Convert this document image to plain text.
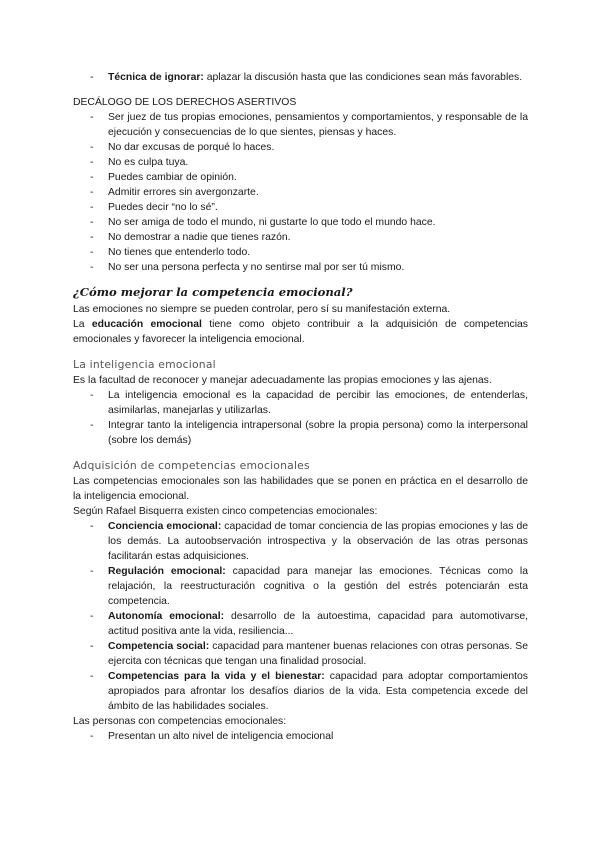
- Técnica de ignorar: aplazar la discusión hasta que las condiciones sean más favorables.

DECÁLOGO DE LOS DERECHOS ASERTIVOS

- Ser juez de tus propias emociones, pensamientos y comportamientos, y responsable de la ejecución y consecuencias de lo que sientes, piensas y haces.
- No dar excusas de porqué lo haces.
- No es culpa tuya.
- Puedes cambiar de opinión.
- Admitir errores sin avergonzarte.
- Puedes decir “no lo sé”.
- No ser amiga de todo el mundo, ni gustarte lo que todo el mundo hace.
- No demostrar a nadie que tienes razón.
- No tienes que entenderlo todo.
- No ser una persona perfecta y no sentirse mal por ser tú mismo.

¿Cómo mejorar la competencia emocional?

Las emociones no siempre se pueden controlar, pero sí su manifestación externa.

La educación emocional tiene como objeto contribuir a la adquisición de competencias emocionales y favorecer la inteligencia emocional.

La inteligencia emocional

Es la facultad de reconocer y manejar adecuadamente las propias emociones y las ajenas.

- La inteligencia emocional es la capacidad de percibir las emociones, de entenderlas, asimilarlas, manejarlas y utilizarlas.
- Integrar tanto la inteligencia intrapersonal (sobre la propia persona) como la interpersonal (sobre los demás)

Adquisición de competencias emocionales

Las competencias emocionales son las habilidades que se ponen en práctica en el desarrollo de la inteligencia emocional.

Según Rafael Bisquerra existen cinco competencias emocionales:

- Conciencia emocional: capacidad de tomar conciencia de las propias emociones y las de los demás. La autoobservación introspectiva y la observación de las otras personas facilitarán estas adquisiciones.
- Regulación emocional: capacidad para manejar las emociones. Técnicas como la relajación, la reestructuración cognitiva o la gestión del estrés potenciarán esta competencia.
- Autonomía emocional: desarrollo de la autoestima, capacidad para automotivarse, actitud positiva ante la vida, resiliencia...
- Competencia social: capacidad para mantener buenas relaciones con otras personas. Se ejercita con técnicas que tengan una finalidad prosocial.
- Competencias para la vida y el bienestar: capacidad para adoptar comportamientos apropiados para afrontar los desafíos diarios de la vida. Esta competencia excede del ámbito de las habilidades sociales.

Las personas con competencias emocionales:

- Presentan un alto nivel de inteligencia emocional
